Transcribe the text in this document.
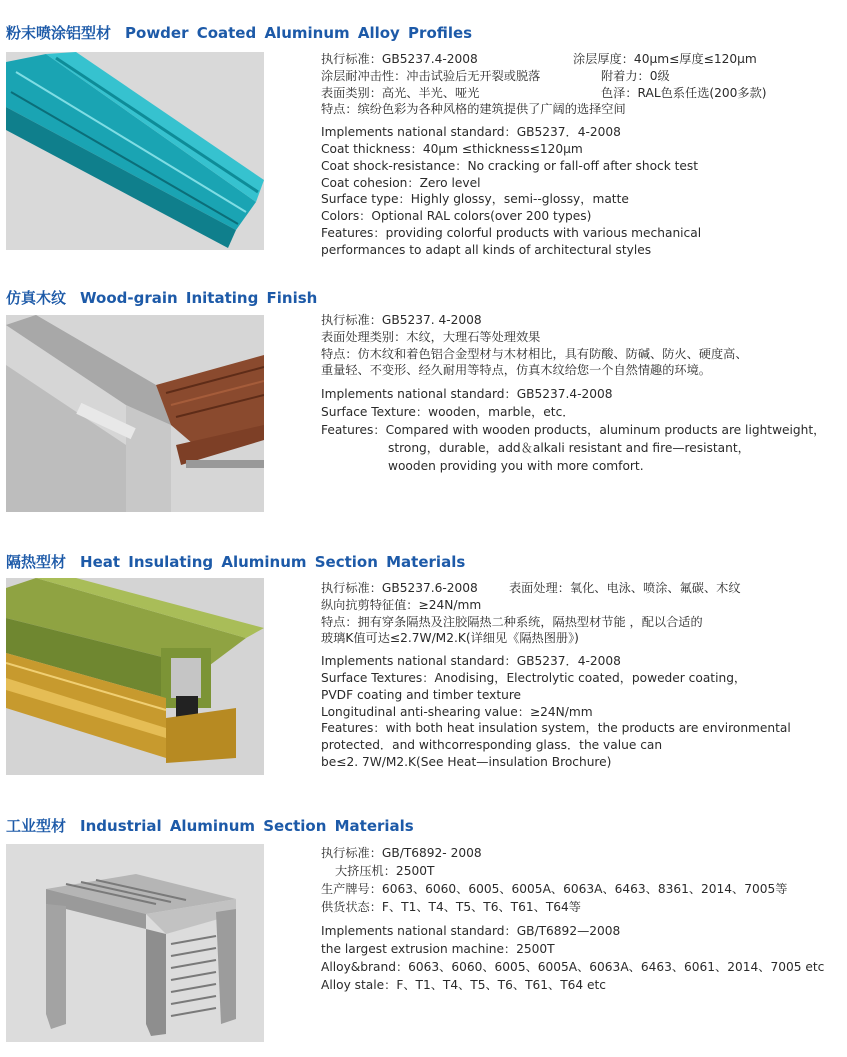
粉末喷涂铝型材 Powder Coated Aluminum Alloy Profiles
执行标准：GB5237.4-2008	涂层厚度：40μm≤厚度≤120μm
涂层耐冲击性：冲击试验后无开裂或脱落	附着力：0级
表面类别：高光、半光、哑光	色泽：RAL色系任选(200多款)
特点：缤纷色彩为各种风格的建筑提供了广阔的选择空间
Implements national standard：GB5237．4-2008
Coat thickness：40μm ≤thickness≤120μm
Coat shock-resistance：No cracking or fall-off after shock test
Coat cohesion：Zero level
Surface type：Highly glossy，semi--glossy，matte
Colors：Optional RAL colors(over 200 types)
Features：providing colorful products with various mechanical
performances to adapt all kinds of architectural styles
仿真木纹 Wood-grain Initating Finish
执行标准：GB5237. 4-2008
表面处理类别：木纹，大理石等处理效果
特点：仿木纹和着色铝合金型材与木材相比，具有防酸、防碱、防火、硬度高、
重量轻、不变形、经久耐用等特点，仿真木纹给您一个自然情趣的环境。
Implements national standard：GB5237.4-2008
Surface Texture：wooden，marble，etc．
Features：Compared with wooden products，aluminum products are lightweight，
strong，durable，add＆alkali resistant and fire—resistant，
wooden providing you with more comfort.
隔热型材 Heat Insulating Aluminum Section Materials
执行标准：GB5237.6-2008	表面处理：氧化、电泳、喷涂、氟碳、木纹
纵向抗剪特征值：≥24N/mm
特点：拥有穿条隔热及注胶隔热二种系统，隔热型材节能 ，配以合适的
玻璃K值可达≤2.7W/M2.K(详细见《隔热图册》)
Implements national standard：GB5237．4-2008
Surface Textures：Anodising，Electrolytic coated，poweder coating，
PVDF coating and timber texture
Longitudinal anti-shearing value：≥24N/mm
Features：with both heat insulation system，the products are environmental
protected．and withcorresponding glass．the value can
be≤2. 7W/M2.K(See Heat—insulation Brochure)
工业型材 Industrial Aluminum Section Materials
执行标准：GB/T6892- 2008
大挤压机：2500T
生产牌号：6063、6060、6005、6005A、6063A、6463、8361、2014、7005等
供货状态：F、T1、T4、T5、T6、T61、T64等
Implements national standard：GB/T6892—2008
the largest extrusion machine：2500T
Alloy&brand：6063、6060、6005、6005A、6063A、6463、6061、2014、7005 etc
Alloy stale：F、T1、T4、T5、T6、T61、T64 etc
